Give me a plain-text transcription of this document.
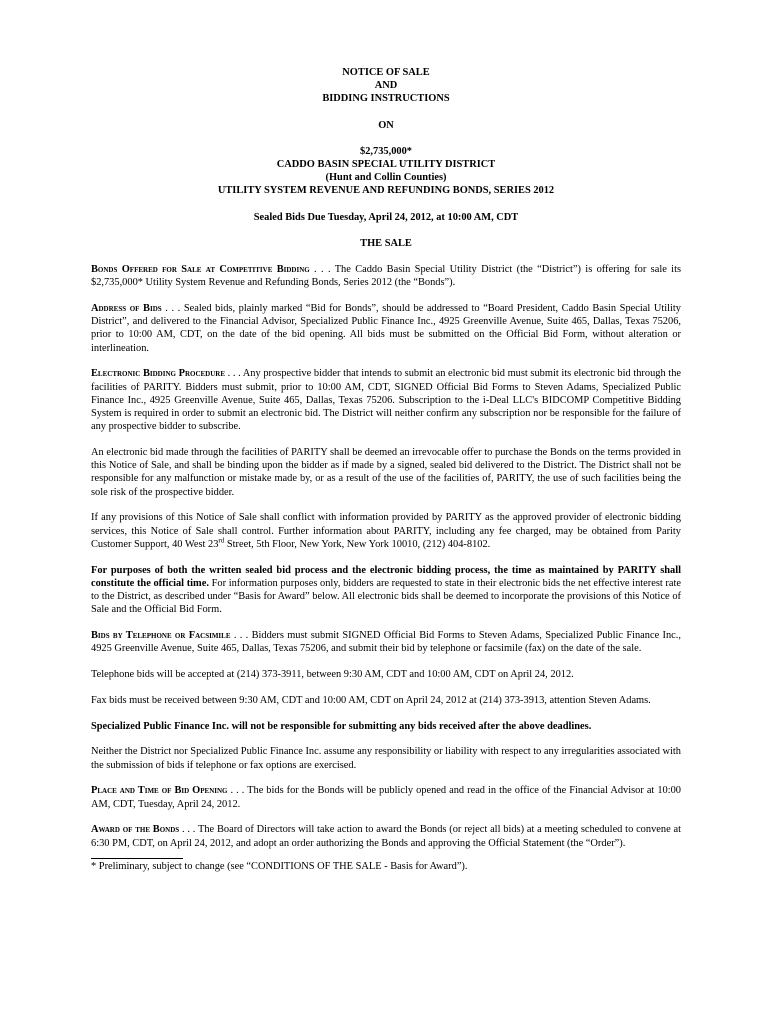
NOTICE OF SALE
AND
BIDDING INSTRUCTIONS
ON
$2,735,000*
CADDO BASIN SPECIAL UTILITY DISTRICT
(Hunt and Collin Counties)
UTILITY SYSTEM REVENUE AND REFUNDING BONDS, SERIES 2012
Sealed Bids Due Tuesday, April 24, 2012, at 10:00 AM, CDT
THE SALE

Bonds Offered for Sale at Competitive Bidding . . . The Caddo Basin Special Utility District (the “District”) is offering for sale its $2,735,000* Utility System Revenue and Refunding Bonds, Series 2012 (the “Bonds”).

Address of Bids . . . Sealed bids, plainly marked “Bid for Bonds”, should be addressed to “Board President, Caddo Basin Special Utility District”, and delivered to the Financial Advisor, Specialized Public Finance Inc., 4925 Greenville Avenue, Suite 465, Dallas, Texas 75206, prior to 10:00 AM, CDT, on the date of the bid opening. All bids must be submitted on the Official Bid Form, without alteration or interlineation.

Electronic Bidding Procedure . . . Any prospective bidder that intends to submit an electronic bid must submit its electronic bid through the facilities of PARITY. Bidders must submit, prior to 10:00 AM, CDT, SIGNED Official Bid Forms to Steven Adams, Specialized Public Finance Inc., 4925 Greenville Avenue, Suite 465, Dallas, Texas 75206. Subscription to the i-Deal LLC's BIDCOMP Competitive Bidding System is required in order to submit an electronic bid. The District will neither confirm any subscription nor be responsible for the failure of any prospective bidder to subscribe.

An electronic bid made through the facilities of PARITY shall be deemed an irrevocable offer to purchase the Bonds on the terms provided in this Notice of Sale, and shall be binding upon the bidder as if made by a signed, sealed bid delivered to the District. The District shall not be responsible for any malfunction or mistake made by, or as a result of the use of the facilities of, PARITY, the use of such facilities being the sole risk of the prospective bidder.

If any provisions of this Notice of Sale shall conflict with information provided by PARITY as the approved provider of electronic bidding services, this Notice of Sale shall control. Further information about PARITY, including any fee charged, may be obtained from Parity Customer Support, 40 West 23rd Street, 5th Floor, New York, New York 10010, (212) 404-8102.

For purposes of both the written sealed bid process and the electronic bidding process, the time as maintained by PARITY shall constitute the official time. For information purposes only, bidders are requested to state in their electronic bids the net effective interest rate to the District, as described under “Basis for Award” below. All electronic bids shall be deemed to incorporate the provisions of this Notice of Sale and the Official Bid Form.

Bids by Telephone or Facsimile . . . Bidders must submit SIGNED Official Bid Forms to Steven Adams, Specialized Public Finance Inc., 4925 Greenville Avenue, Suite 465, Dallas, Texas 75206, and submit their bid by telephone or facsimile (fax) on the date of the sale.

Telephone bids will be accepted at (214) 373-3911, between 9:30 AM, CDT and 10:00 AM, CDT on April 24, 2012.

Fax bids must be received between 9:30 AM, CDT and 10:00 AM, CDT on April 24, 2012 at (214) 373-3913, attention Steven Adams.

Specialized Public Finance Inc. will not be responsible for submitting any bids received after the above deadlines.

Neither the District nor Specialized Public Finance Inc. assume any responsibility or liability with respect to any irregularities associated with the submission of bids if telephone or fax options are exercised.

Place and Time of Bid Opening . . . The bids for the Bonds will be publicly opened and read in the office of the Financial Advisor at 10:00 AM, CDT, Tuesday, April 24, 2012.

Award of the Bonds . . . The Board of Directors will take action to award the Bonds (or reject all bids) at a meeting scheduled to convene at 6:30 PM, CDT, on April 24, 2012, and adopt an order authorizing the Bonds and approving the Official Statement (the “Order”).

* Preliminary, subject to change (see “CONDITIONS OF THE SALE - Basis for Award”).
